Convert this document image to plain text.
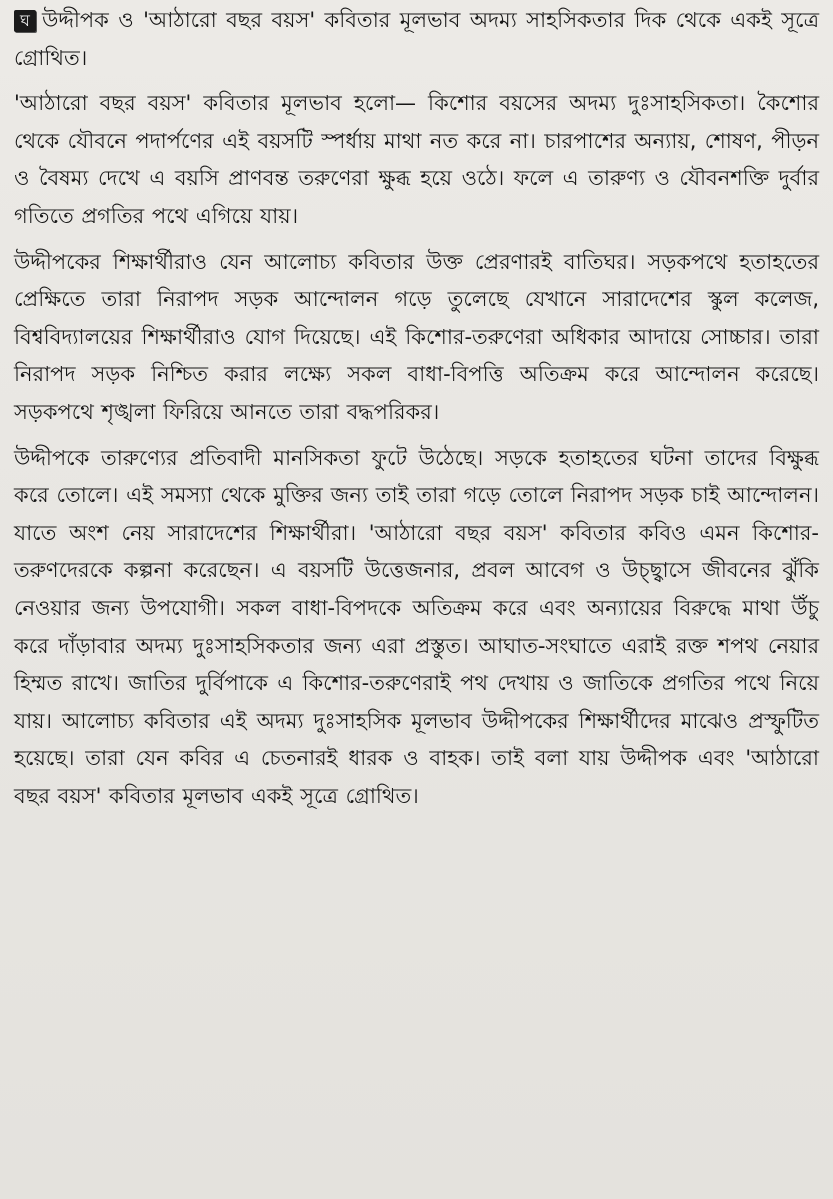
ঘ উদ্দীপক ও 'আঠারো বছর বয়স' কবিতার মূলভাব অদম্য সাহসিকতার দিক থেকে একই সূত্রে গ্রোথিত।

'আঠারো বছর বয়স' কবিতার মূলভাব হলো— কিশোর বয়সের অদম্য দুঃসাহসিকতা। কৈশোর থেকে যৌবনে পদার্পণের এই বয়সটি স্পর্ধায় মাথা নত করে না। চারপাশের অন্যায়, শোষণ, পীড়ন ও বৈষম্য দেখে এ বয়সি প্রাণবন্ত তরুণেরা ক্ষুব্ধ হয়ে ওঠে। ফলে এ তারুণ্য ও যৌবনশক্তি দুর্বার গতিতে প্রগতির পথে এগিয়ে যায়।

উদ্দীপকের শিক্ষার্থীরাও যেন আলোচ্য কবিতার উক্ত প্রেরণারই বাতিঘর। সড়কপথে হতাহতের প্রেক্ষিতে তারা নিরাপদ সড়ক আন্দোলন গড়ে তুলেছে যেখানে সারাদেশের স্কুল কলেজ, বিশ্ববিদ্যালয়ের শিক্ষার্থীরাও যোগ দিয়েছে। এই কিশোর-তরুণেরা অধিকার আদায়ে সোচ্চার। তারা নিরাপদ সড়ক নিশ্চিত করার লক্ষ্যে সকল বাধা-বিপত্তি অতিক্রম করে আন্দোলন করেছে। সড়কপথে শৃঙ্খলা ফিরিয়ে আনতে তারা বদ্ধপরিকর।

উদ্দীপকে তারুণ্যের প্রতিবাদী মানসিকতা ফুটে উঠেছে। সড়কে হতাহতের ঘটনা তাদের বিক্ষুব্ধ করে তোলে। এই সমস্যা থেকে মুক্তির জন্য তাই তারা গড়ে তোলে নিরাপদ সড়ক চাই আন্দোলন। যাতে অংশ নেয় সারাদেশের শিক্ষার্থীরা। 'আঠারো বছর বয়স' কবিতার কবিও এমন কিশোর-তরুণদেরকে কল্পনা করেছেন। এ বয়সটি উত্তেজনার, প্রবল আবেগ ও উচ্ছ্বাসে জীবনের ঝুঁকি নেওয়ার জন্য উপযোগী। সকল বাধা-বিপদকে অতিক্রম করে এবং অন্যায়ের বিরুদ্ধে মাথা উঁচু করে দাঁড়াবার অদম্য দুঃসাহসিকতার জন্য এরা প্রস্তুত। আঘাত-সংঘাতে এরাই রক্ত শপথ নেয়ার হিম্মত রাখে। জাতির দুর্বিপাকে এ কিশোর-তরুণেরাই পথ দেখায় ও জাতিকে প্রগতির পথে নিয়ে যায়। আলোচ্য কবিতার এই অদম্য দুঃসাহসিক মূলভাব উদ্দীপকের শিক্ষার্থীদের মাঝেও প্রস্ফুটিত হয়েছে। তারা যেন কবির এ চেতনারই ধারক ও বাহক। তাই বলা যায় উদ্দীপক এবং 'আঠারো বছর বয়স' কবিতার মূলভাব একই সূত্রে গ্রোথিত।
